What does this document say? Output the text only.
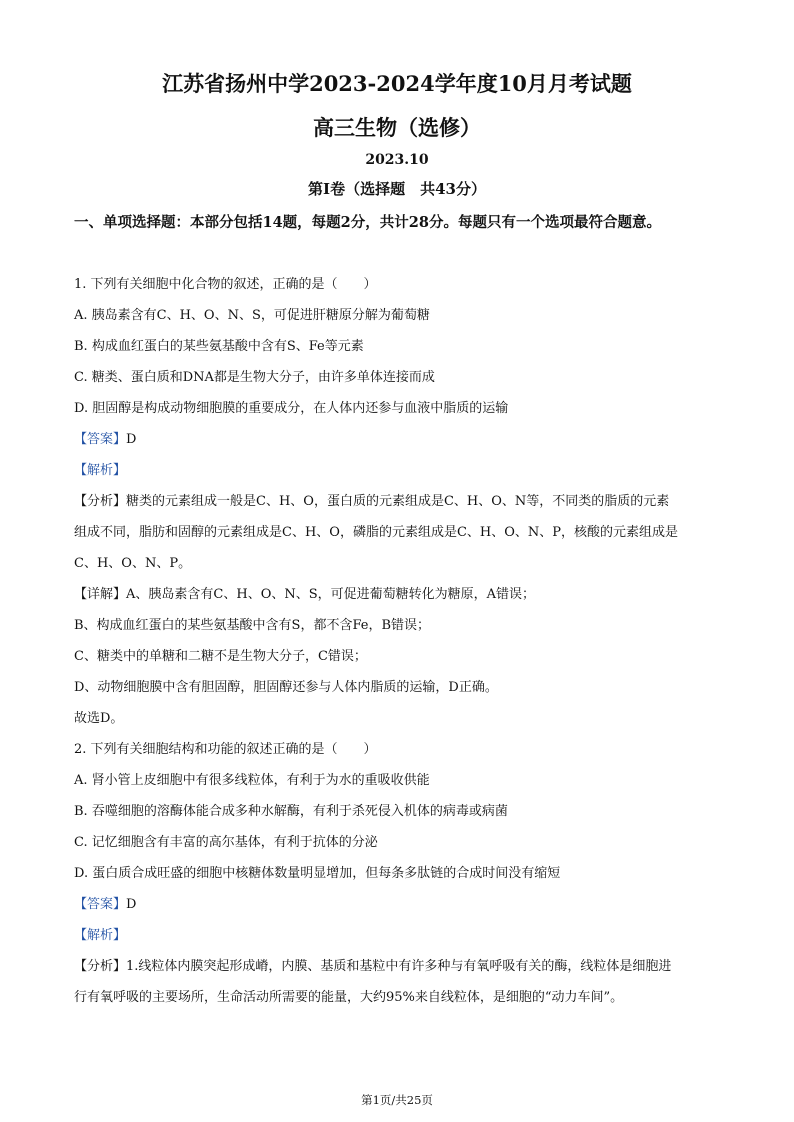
江苏省扬州中学2023-2024学年度10月月考试题
高三生物（选修）
2023.10
第I卷（选择题　共43分）
一、单项选择题：本部分包括14题，每题2分，共计28分。每题只有一个选项最符合题意。
1. 下列有关细胞中化合物的叙述，正确的是（　　）
A. 胰岛素含有C、H、O、N、S，可促进肝糖原分解为葡萄糖
B. 构成血红蛋白的某些氨基酸中含有S、Fe等元素
C. 糖类、蛋白质和DNA都是生物大分子，由许多单体连接而成
D. 胆固醇是构成动物细胞膜的重要成分，在人体内还参与血液中脂质的运输
【答案】D
【解析】
【分析】糖类的元素组成一般是C、H、O，蛋白质的元素组成是C、H、O、N等，不同类的脂质的元素
组成不同，脂肪和固醇的元素组成是C、H、O，磷脂的元素组成是C、H、O、N、P，核酸的元素组成是
C、H、O、N、P。
【详解】A、胰岛素含有C、H、O、N、S，可促进葡萄糖转化为糖原，A错误；
B、构成血红蛋白的某些氨基酸中含有S，都不含Fe，B错误；
C、糖类中的单糖和二糖不是生物大分子，C错误；
D、动物细胞膜中含有胆固醇，胆固醇还参与人体内脂质的运输，D正确。
故选D。
2. 下列有关细胞结构和功能的叙述正确的是（　　）
A. 肾小管上皮细胞中有很多线粒体，有利于为水的重吸收供能
B. 吞噬细胞的溶酶体能合成多种水解酶，有利于杀死侵入机体的病毒或病菌
C. 记忆细胞含有丰富的高尔基体，有利于抗体的分泌
D. 蛋白质合成旺盛的细胞中核糖体数量明显增加，但每条多肽链的合成时间没有缩短
【答案】D
【解析】
【分析】1.线粒体内膜突起形成嵴，内膜、基质和基粒中有许多种与有氧呼吸有关的酶，线粒体是细胞进
行有氧呼吸的主要场所，生命活动所需要的能量，大约95%来自线粒体，是细胞的“动力车间”。
第1页/共25页
